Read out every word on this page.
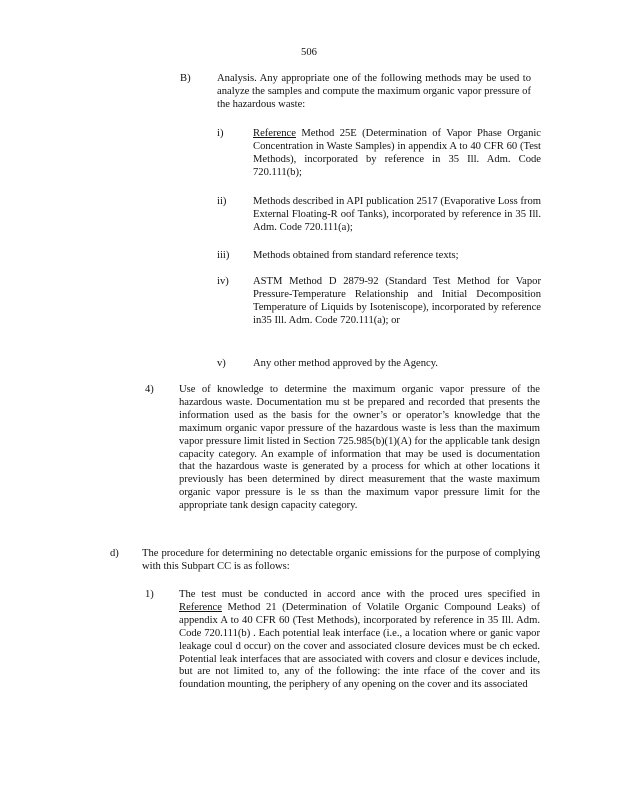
506
B)	Analysis. Any appropriate one of the following methods may be used to analyze the samples and compute the maximum organic vapor pressure of the hazardous waste:
i)	Reference Method 25E (Determination of Vapor Phase Organic Concentration in Waste Samples) in appendix A to 40 CFR 60 (Test Methods), incorporated by reference in 35 Ill. Adm. Code 720.111(b);
ii)	Methods described in API publication 2517 (Evaporative Loss from External Floating-R oof Tanks), incorporated by reference in 35 Ill. Adm. Code 720.111(a);
iii)	Methods obtained from standard reference texts;
iv)	ASTM Method D 2879-92 (Standard Test Method for Vapor Pressure-Temperature Relationship and Initial Decomposition Temperature of Liquids by Isoteniscope), incorporated by reference in35 Ill. Adm. Code 720.111(a); or
v)	Any other method approved by the Agency.
4)	Use of knowledge to determine the maximum organic vapor pressure of the hazardous waste. Documentation mu st be prepared and recorded that presents the information used as the basis for the owner’s or operator’s knowledge that the maximum organic vapor pressure of the hazardous waste is less than the maximum vapor pressure limit listed in Section 725.985(b)(1)(A) for the applicable tank design capacity category. An example of information that may be used is documentation that the hazardous waste is generated by a process for which at other locations it previously has been determined by direct measurement that the waste maximum organic vapor pressure is le ss than the maximum vapor pressure limit for the appropriate tank design capacity category.
d)	The procedure for determining no detectable organic emissions for the purpose of complying with this Subpart CC is as follows:
1)	The test must be conducted in accord ance with the proced ures specified in Reference Method 21 (Determination of Volatile Organic Compound Leaks) of appendix A to 40 CFR 60 (Test Methods), incorporated by reference in 35 Ill. Adm. Code 720.111(b) . Each potential leak interface (i.e., a location where or ganic vapor leakage coul d occur) on the cover and associated closure devices must be ch ecked. Potential leak interfaces that are associated with covers and closur e devices include, but are not limited to, any of the following: the inte rface of the cover and its foundation mounting, the periphery of any opening on the cover and its associated
